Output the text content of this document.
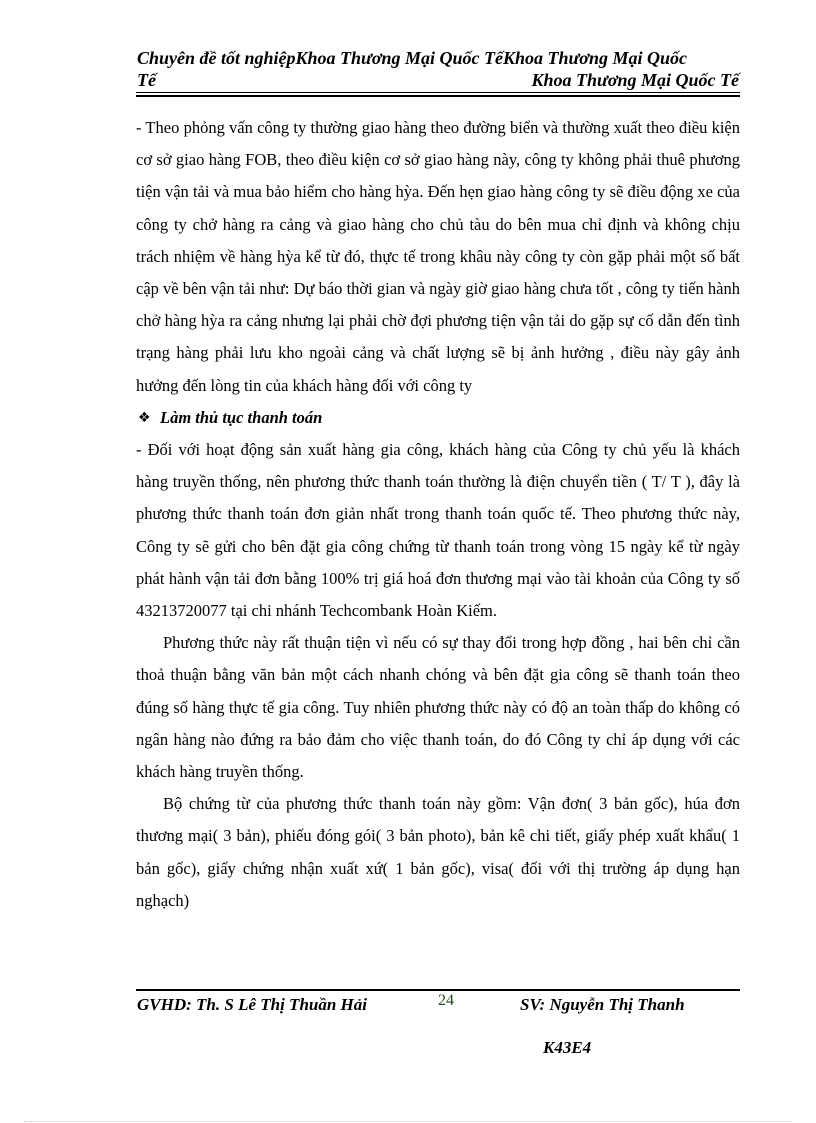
Chuyên đề tốt nghiệpKhoa Thương Mại Quốc TếKhoa Thương Mại Quốc
Tế	Khoa Thương Mại Quốc Tế

- Theo phỏng vấn công ty thường giao hàng theo đường biển và thường xuất theo điều kiện cơ sở giao hàng FOB, theo điều kiện cơ sở giao hàng này, công ty không phải thuê phương tiện vận tải và mua bảo hiểm cho hàng hỳa. Đến hẹn giao hàng công ty sẽ điều động xe của công ty chở hàng ra cảng và giao hàng cho chủ tàu do bên mua chỉ định và không chịu trách nhiệm về hàng hỳa kể từ đó, thực tế trong khâu này công ty còn gặp phải một số bất cập về bên vận tải như: Dự báo thời gian và ngày giờ giao hàng chưa tốt , công ty tiến hành chở hàng hỳa ra cảng nhưng lại phải chờ đợi phương tiện vận tải do gặp sự cố dẫn đến tình trạng hàng phải lưu kho ngoài cảng và chất lượng sẽ bị ảnh hưởng , điều này gây ảnh hưởng đến lòng tin của khách hàng đối với công ty

❖ Làm thủ tục thanh toán

- Đối với hoạt động sản xuất hàng gia công, khách hàng của Công ty chủ yếu là khách hàng truyền thống, nên phương thức thanh toán thường là điện chuyển tiền ( T/ T ), đây là phương thức thanh toán đơn giản nhất trong thanh toán quốc tế. Theo phương thức này, Công ty sẽ gửi cho bên đặt gia công chứng từ thanh toán trong vòng 15 ngày kể từ ngày phát hành vận tải đơn bằng 100% trị giá hoá đơn thương mại vào tài khoản của Công ty số 43213720077 tại chi nhánh Techcombank Hoàn Kiếm.

Phương thức này rất thuận tiện vì nếu có sự thay đổi trong hợp đồng , hai bên chỉ cần thoả thuận bằng văn bản một cách nhanh chóng và bên đặt gia công sẽ thanh toán theo đúng số hàng thực tế gia công. Tuy nhiên phương thức này có độ an toàn thấp do không có ngân hàng nào đứng ra bảo đảm cho việc thanh toán, do đó Công ty chỉ áp dụng với các khách hàng truyền thống.

Bộ chứng từ của phương thức thanh toán này gồm: Vận đơn( 3 bản gốc), húa đơn thương mại( 3 bản), phiếu đóng gói( 3 bản photo), bản kê chi tiết, giấy phép xuất khẩu( 1 bản gốc), giấy chứng nhận xuất xứ( 1 bản gốc), visa( đối với thị trường áp dụng hạn nghạch)

GVHD: Th. S Lê Thị Thuần Hải	24	SV: Nguyễn Thị Thanh
K43E4
